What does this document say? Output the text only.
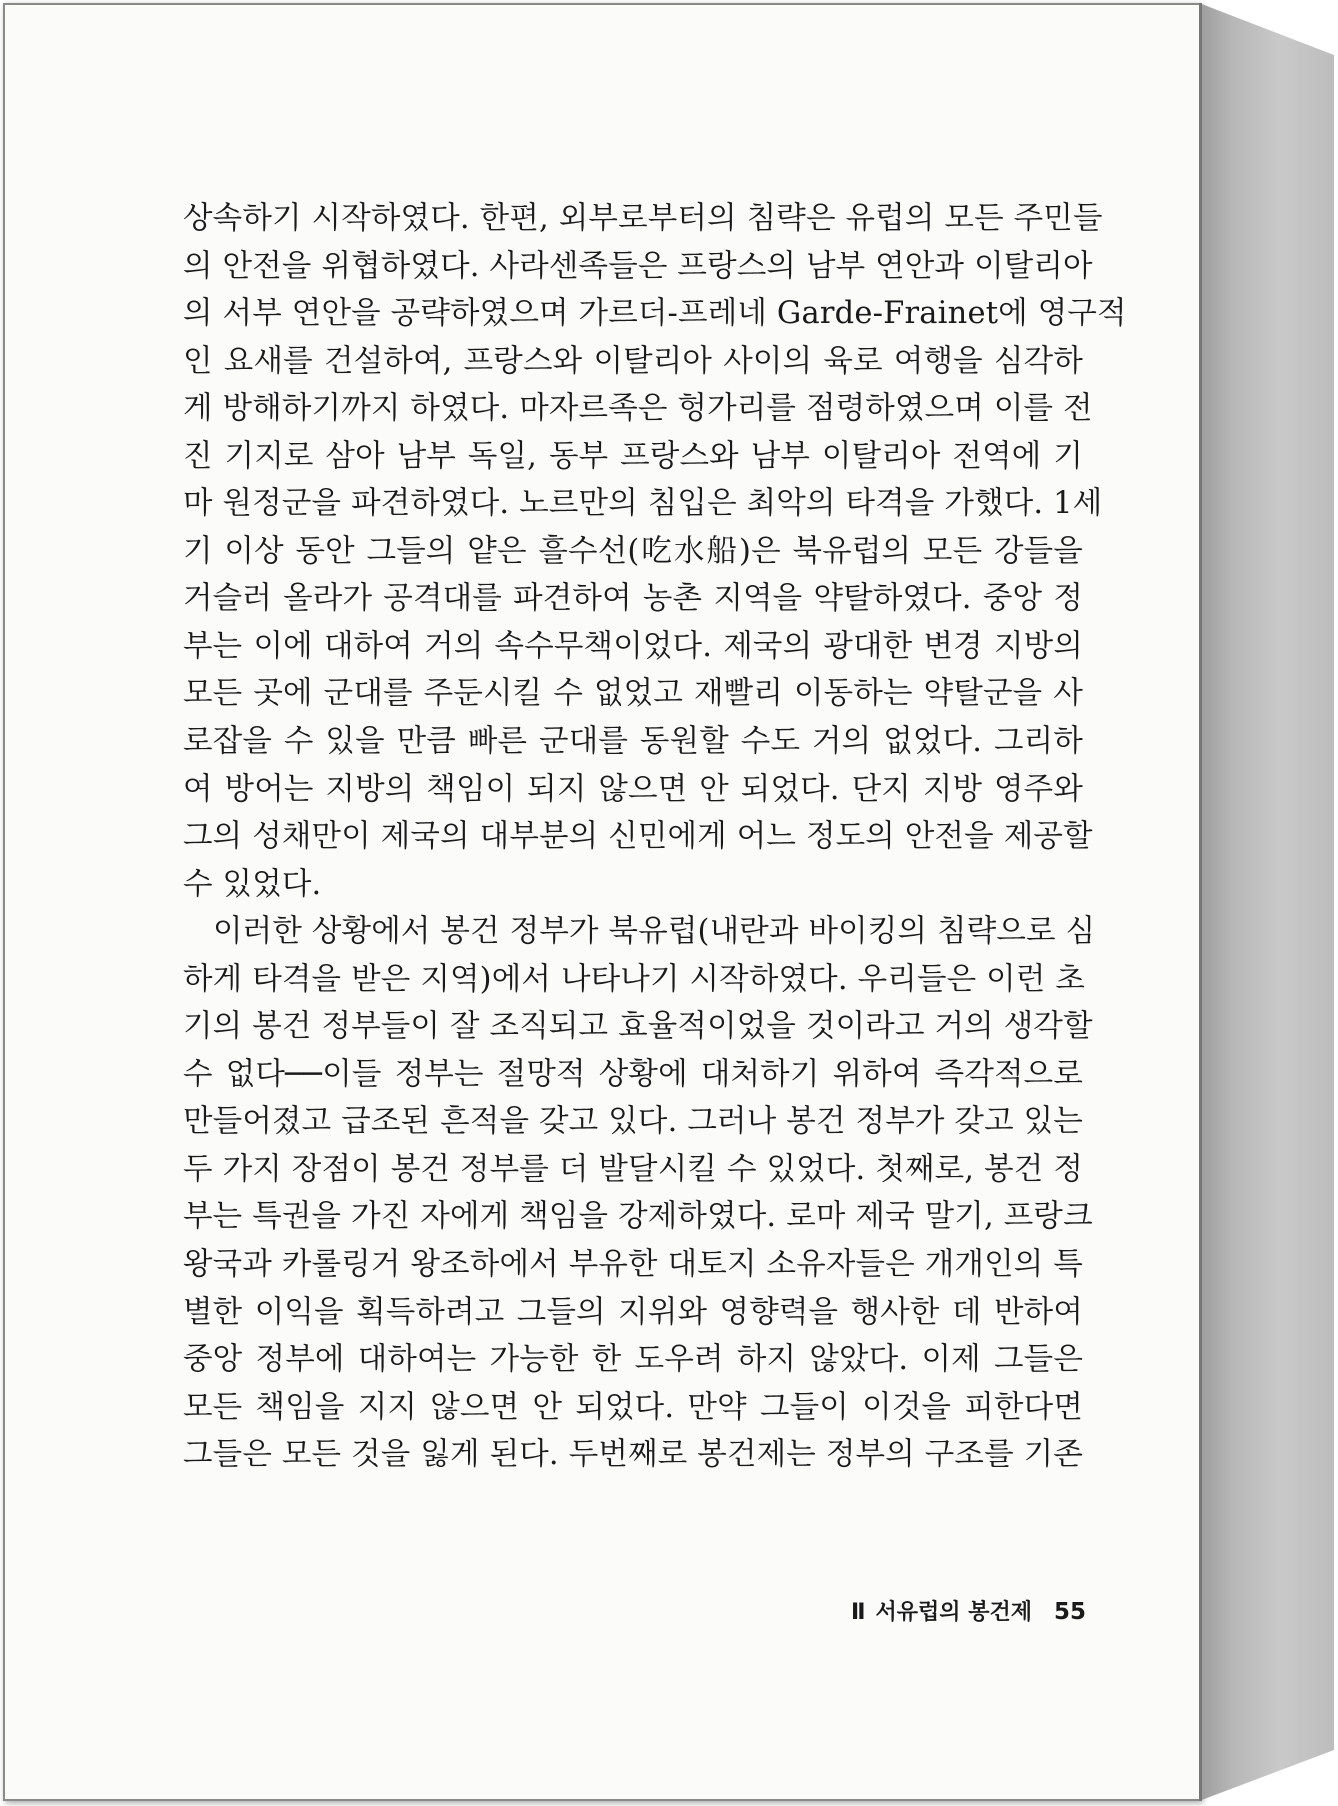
상속하기 시작하였다. 한편, 외부로부터의 침략은 유럽의 모든 주민들
의 안전을 위협하였다. 사라센족들은 프랑스의 남부 연안과 이탈리아
의 서부 연안을 공략하였으며 가르더-프레네 Garde-Frainet에 영구적
인 요새를 건설하여, 프랑스와 이탈리아 사이의 육로 여행을 심각하
게 방해하기까지 하였다. 마자르족은 헝가리를 점령하였으며 이를 전
진 기지로 삼아 남부 독일, 동부 프랑스와 남부 이탈리아 전역에 기
마 원정군을 파견하였다. 노르만의 침입은 최악의 타격을 가했다. 1세
기 이상 동안 그들의 얕은 흘수선(吃水船)은 북유럽의 모든 강들을
거슬러 올라가 공격대를 파견하여 농촌 지역을 약탈하였다. 중앙 정
부는 이에 대하여 거의 속수무책이었다. 제국의 광대한 변경 지방의
모든 곳에 군대를 주둔시킬 수 없었고 재빨리 이동하는 약탈군을 사
로잡을 수 있을 만큼 빠른 군대를 동원할 수도 거의 없었다. 그리하
여 방어는 지방의 책임이 되지 않으면 안 되었다. 단지 지방 영주와
그의 성채만이 제국의 대부분의 신민에게 어느 정도의 안전을 제공할
수 있었다.
이러한 상황에서 봉건 정부가 북유럽(내란과 바이킹의 침략으로 심
하게 타격을 받은 지역)에서 나타나기 시작하였다. 우리들은 이런 초
기의 봉건 정부들이 잘 조직되고 효율적이었을 것이라고 거의 생각할
수 없다──이들 정부는 절망적 상황에 대처하기 위하여 즉각적으로
만들어졌고 급조된 흔적을 갖고 있다. 그러나 봉건 정부가 갖고 있는
두 가지 장점이 봉건 정부를 더 발달시킬 수 있었다. 첫째로, 봉건 정
부는 특권을 가진 자에게 책임을 강제하였다. 로마 제국 말기, 프랑크
왕국과 카롤링거 왕조하에서 부유한 대토지 소유자들은 개개인의 특
별한 이익을 획득하려고 그들의 지위와 영향력을 행사한 데 반하여
중앙 정부에 대하여는 가능한 한 도우려 하지 않았다. 이제 그들은
모든 책임을 지지 않으면 안 되었다. 만약 그들이 이것을 피한다면
그들은 모든 것을 잃게 된다. 두번째로 봉건제는 정부의 구조를 기존
Ⅱ 서유럽의 봉건제 55
